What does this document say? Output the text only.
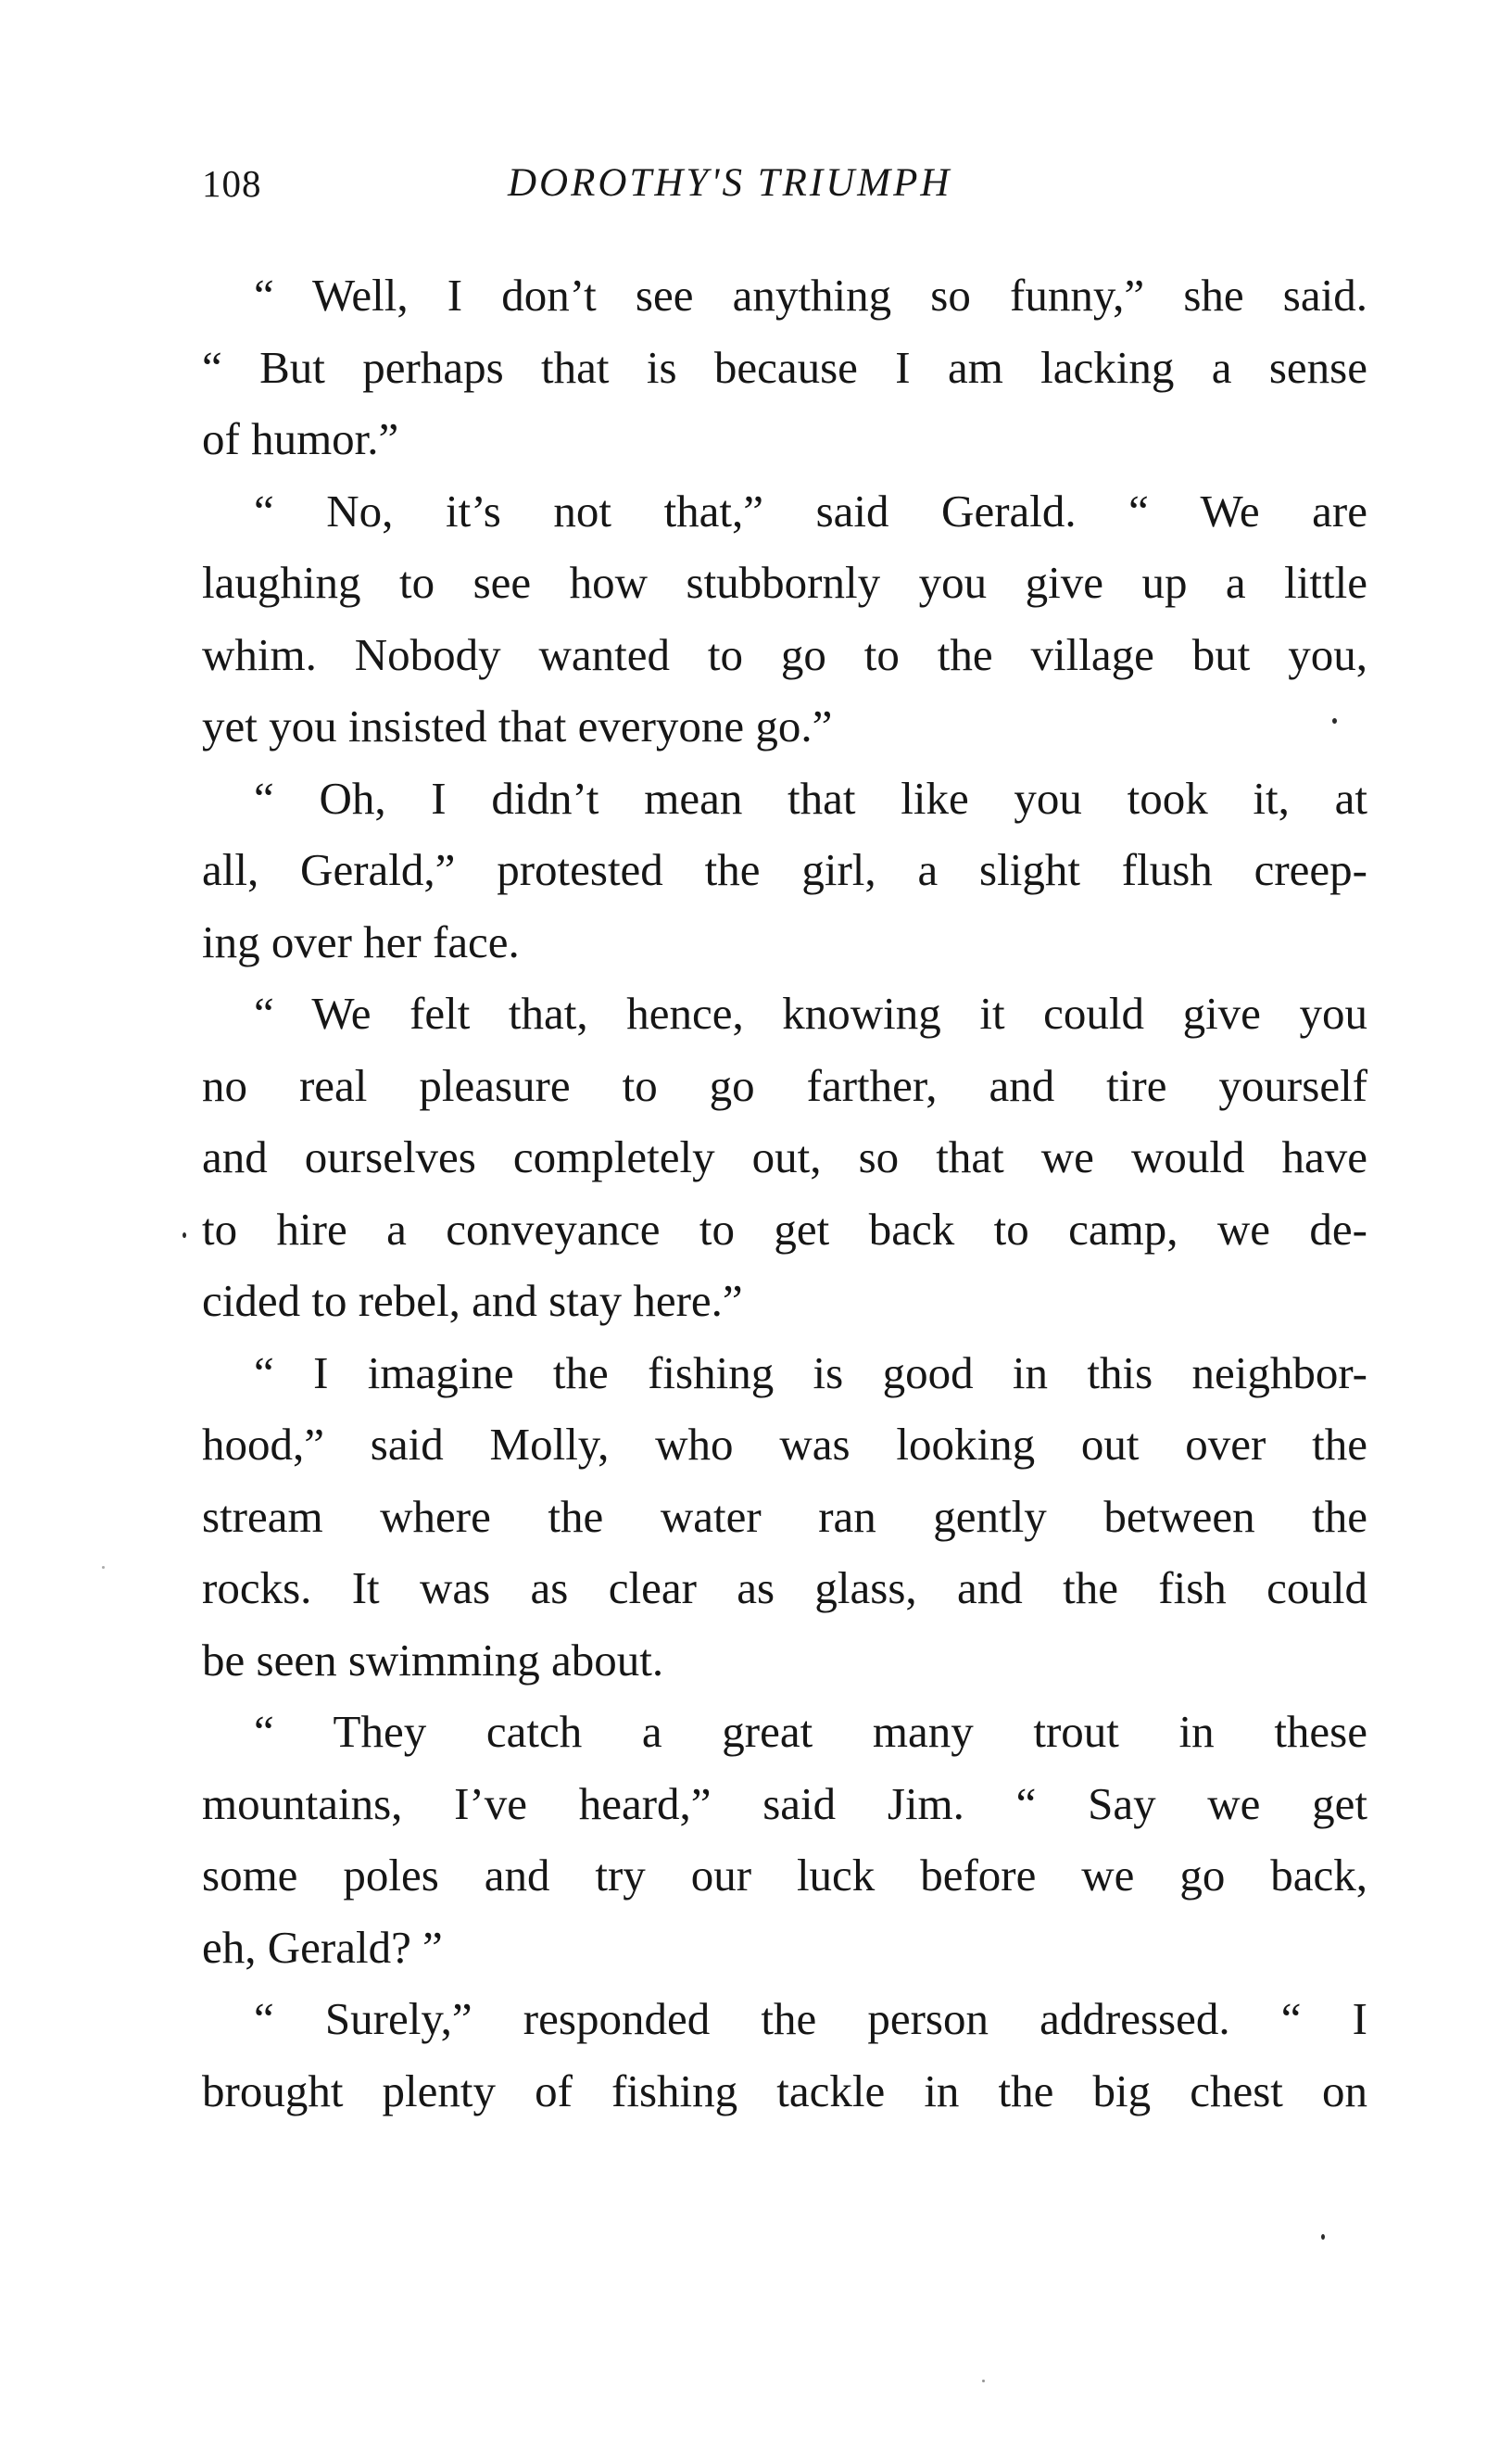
108	DOROTHY'S TRIUMPH
“ Well, I don’t see anything so funny,” she said.
“ But perhaps that is because I am lacking a sense
of humor.”
“ No, it’s not that,” said Gerald. “ We are
laughing to see how stubbornly you give up a little
whim. Nobody wanted to go to the village but you,
yet you insisted that everyone go.”
“ Oh, I didn’t mean that like you took it, at
all, Gerald,” protested the girl, a slight flush creep-
ing over her face.
“ We felt that, hence, knowing it could give you
no real pleasure to go farther, and tire yourself
and ourselves completely out, so that we would have
to hire a conveyance to get back to camp, we de-
cided to rebel, and stay here.”
“ I imagine the fishing is good in this neighbor-
hood,” said Molly, who was looking out over the
stream where the water ran gently between the
rocks. It was as clear as glass, and the fish could
be seen swimming about.
“ They catch a great many trout in these
mountains, I’ve heard,” said Jim. “ Say we get
some poles and try our luck before we go back,
eh, Gerald? ”
“ Surely,” responded the person addressed. “ I
brought plenty of fishing tackle in the big chest on
